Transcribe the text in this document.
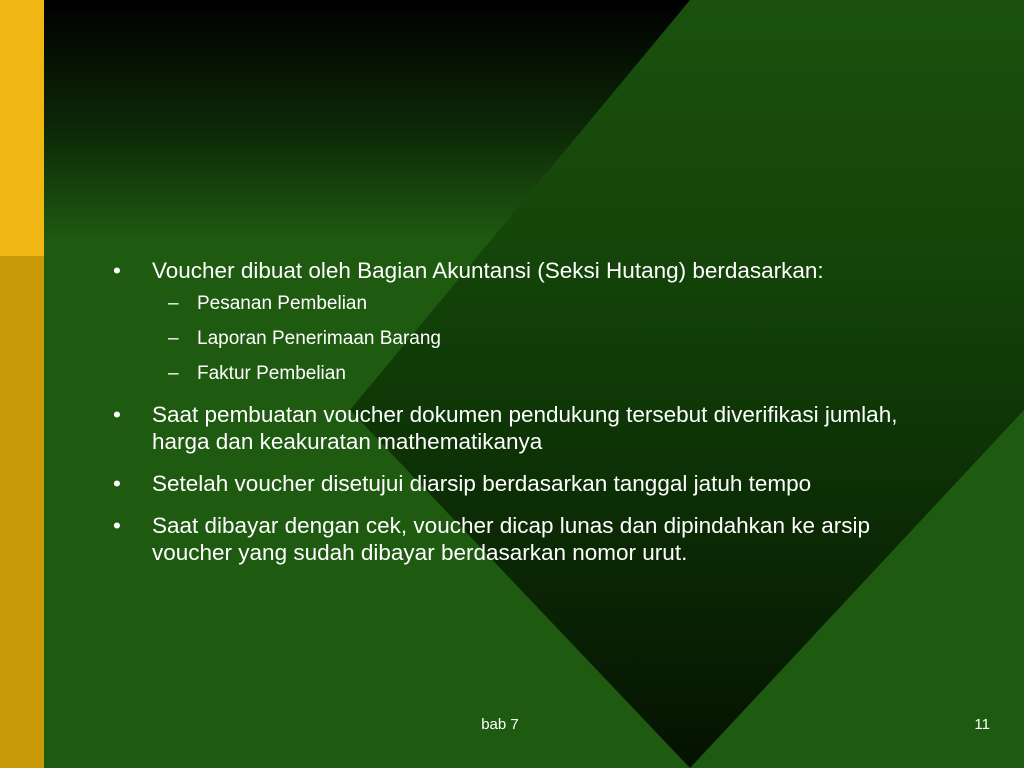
•	Voucher dibuat oleh Bagian Akuntansi (Seksi Hutang) berdasarkan:
– Pesanan Pembelian
– Laporan Penerimaan Barang
– Faktur Pembelian
•	Saat pembuatan voucher dokumen pendukung tersebut diverifikasi jumlah, harga dan keakuratan mathematikanya
•	Setelah voucher disetujui diarsip berdasarkan tanggal jatuh tempo
•	Saat dibayar dengan cek, voucher dicap lunas dan dipindahkan ke arsip voucher yang sudah dibayar berdasarkan nomor urut.
bab 7	11
